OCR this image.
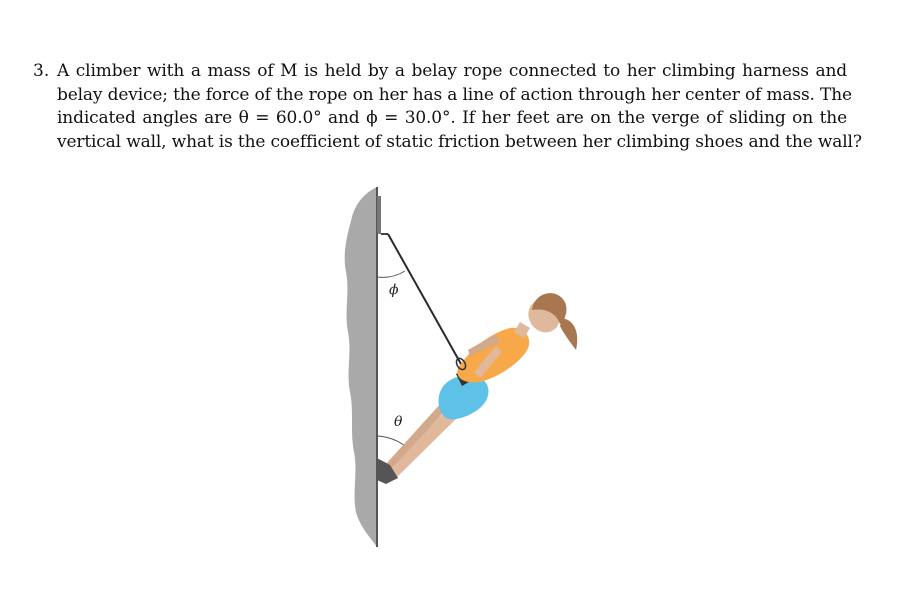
3. A climber with a mass of M is held by a belay rope connected to her climbing harness and
belay device; the force of the rope on her has a line of action through her center of mass. The
indicated angles are θ = 60.0° and ϕ = 30.0°. If her feet are on the verge of sliding on the
vertical wall, what is the coefficient of static friction between her climbing shoes and the wall?
ϕ
θ
